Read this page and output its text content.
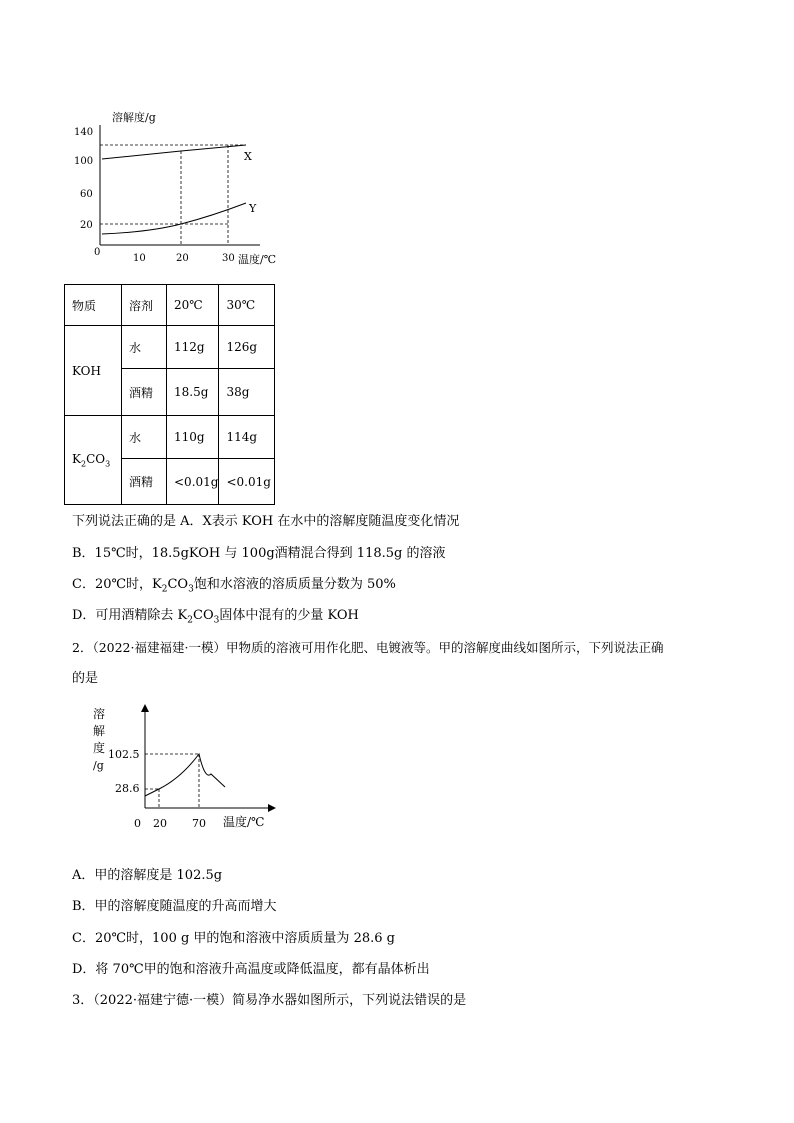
溶解度/g
140
100
60
20
0
10	20	30 温度/℃
X
Y
物质	溶剂	20℃	30℃
KOH	水	112g	126g
	酒精	18.5g	38g
$K_2CO_3$	水	110g	114g
	酒精	<0.01g	<0.01g
下列说法正确的是 A．X表示 KOH 在水中的溶解度随温度变化情况
B．15℃时，18.5gKOH 与 100g酒精混合得到 118.5g 的溶液
C．20℃时，$K_2CO_3$饱和水溶液的溶质质量分数为 50%
D．可用酒精除去 $K_2CO_3$固体中混有的少量 KOH
2．（2022·福建福建·一模）甲物质的溶液可用作化肥、电镀液等。甲的溶解度曲线如图所示，下列说法正确
的是
溶
解
度
/g
102.5
28.6
0 20 70 温度/℃
A．甲的溶解度是 102.5g
B．甲的溶解度随温度的升高而增大
C．20℃时，100 g 甲的饱和溶液中溶质质量为 28.6 g
D．将 70℃甲的饱和溶液升高温度或降低温度，都有晶体析出
3．（2022·福建宁德·一模）简易净水器如图所示，下列说法错误的是
